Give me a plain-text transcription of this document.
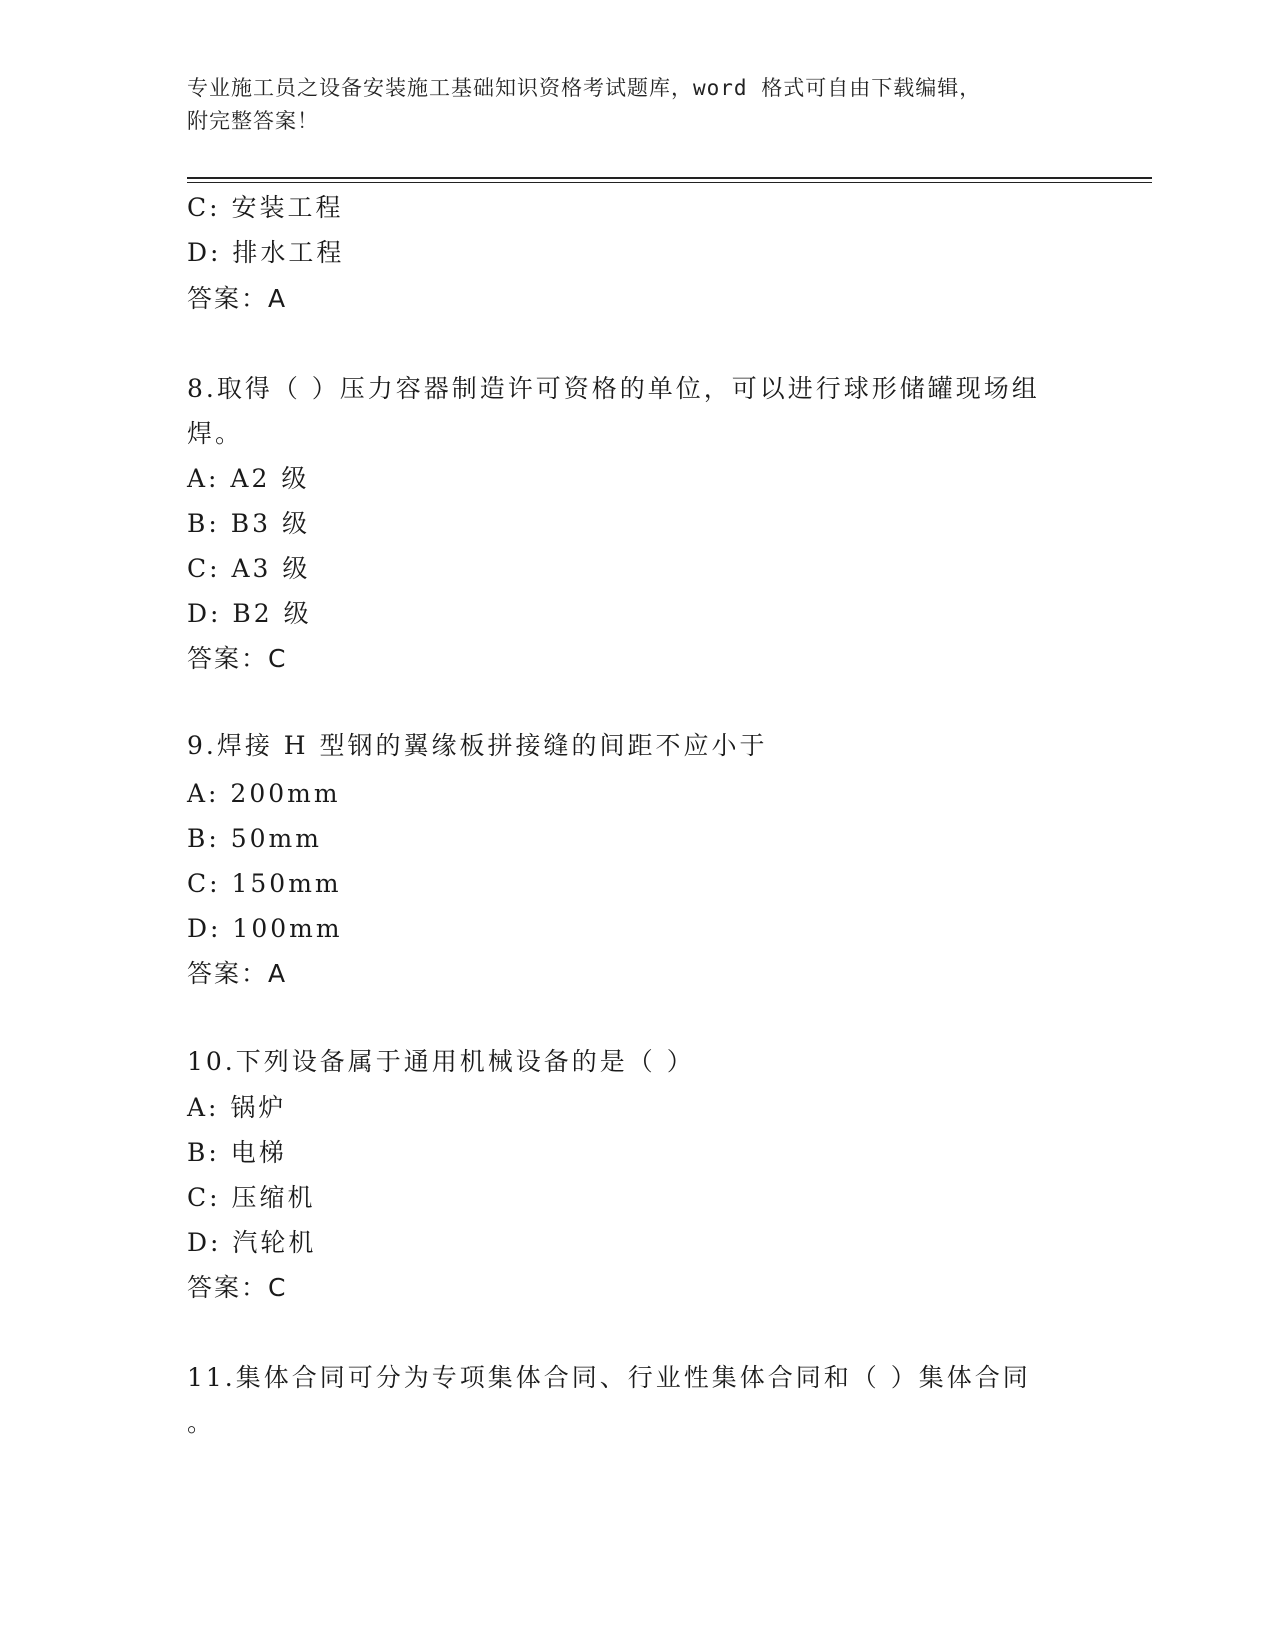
专业施工员之设备安装施工基础知识资格考试题库，word 格式可自由下载编辑，
附完整答案！
C: 安装工程
D: 排水工程
答案：A
8.取得（ ）压力容器制造许可资格的单位，可以进行球形储罐现场组
焊。
A: A2 级
B: B3 级
C: A3 级
D: B2 级
答案：C
9.焊接 H 型钢的翼缘板拼接缝的间距不应小于
A: 200mm
B: 50mm
C: 150mm
D: 100mm
答案：A
10.下列设备属于通用机械设备的是（ ）
A: 锅炉
B: 电梯
C: 压缩机
D: 汽轮机
答案：C
11.集体合同可分为专项集体合同、行业性集体合同和（ ）集体合同
。
